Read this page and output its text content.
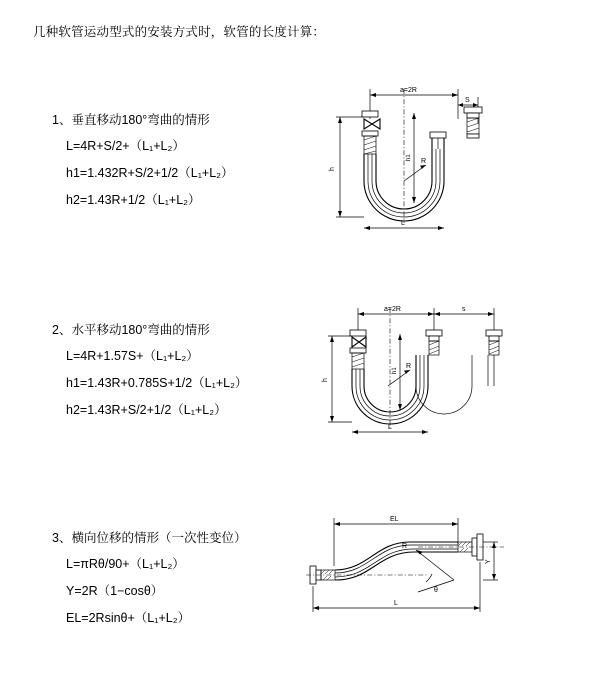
几种软管运动型式的安装方式时，软管的长度计算：
1、垂直移动180°弯曲的情形
L=4R+S/2+（L₁+L₂）
h1=1.432R+S/2+1/2（L₁+L₂）
h2=1.43R+1/2（L₁+L₂）
a=2R
S
R
L
h
h1
2、水平移动180°弯曲的情形
L=4R+1.57S+（L₁+L₂）
h1=1.43R+0.785S+1/2（L₁+L₂）
h2=1.43R+S/2+1/2（L₁+L₂）
a=2R	s
R
h
h1
L
3、横向位移的情形（一次性变位）
L=πRθ/90+（L₁+L₂）
Y=2R（1−cosθ）
EL=2Rsinθ+（L₁+L₂）
EL
θ
R
Y
L
